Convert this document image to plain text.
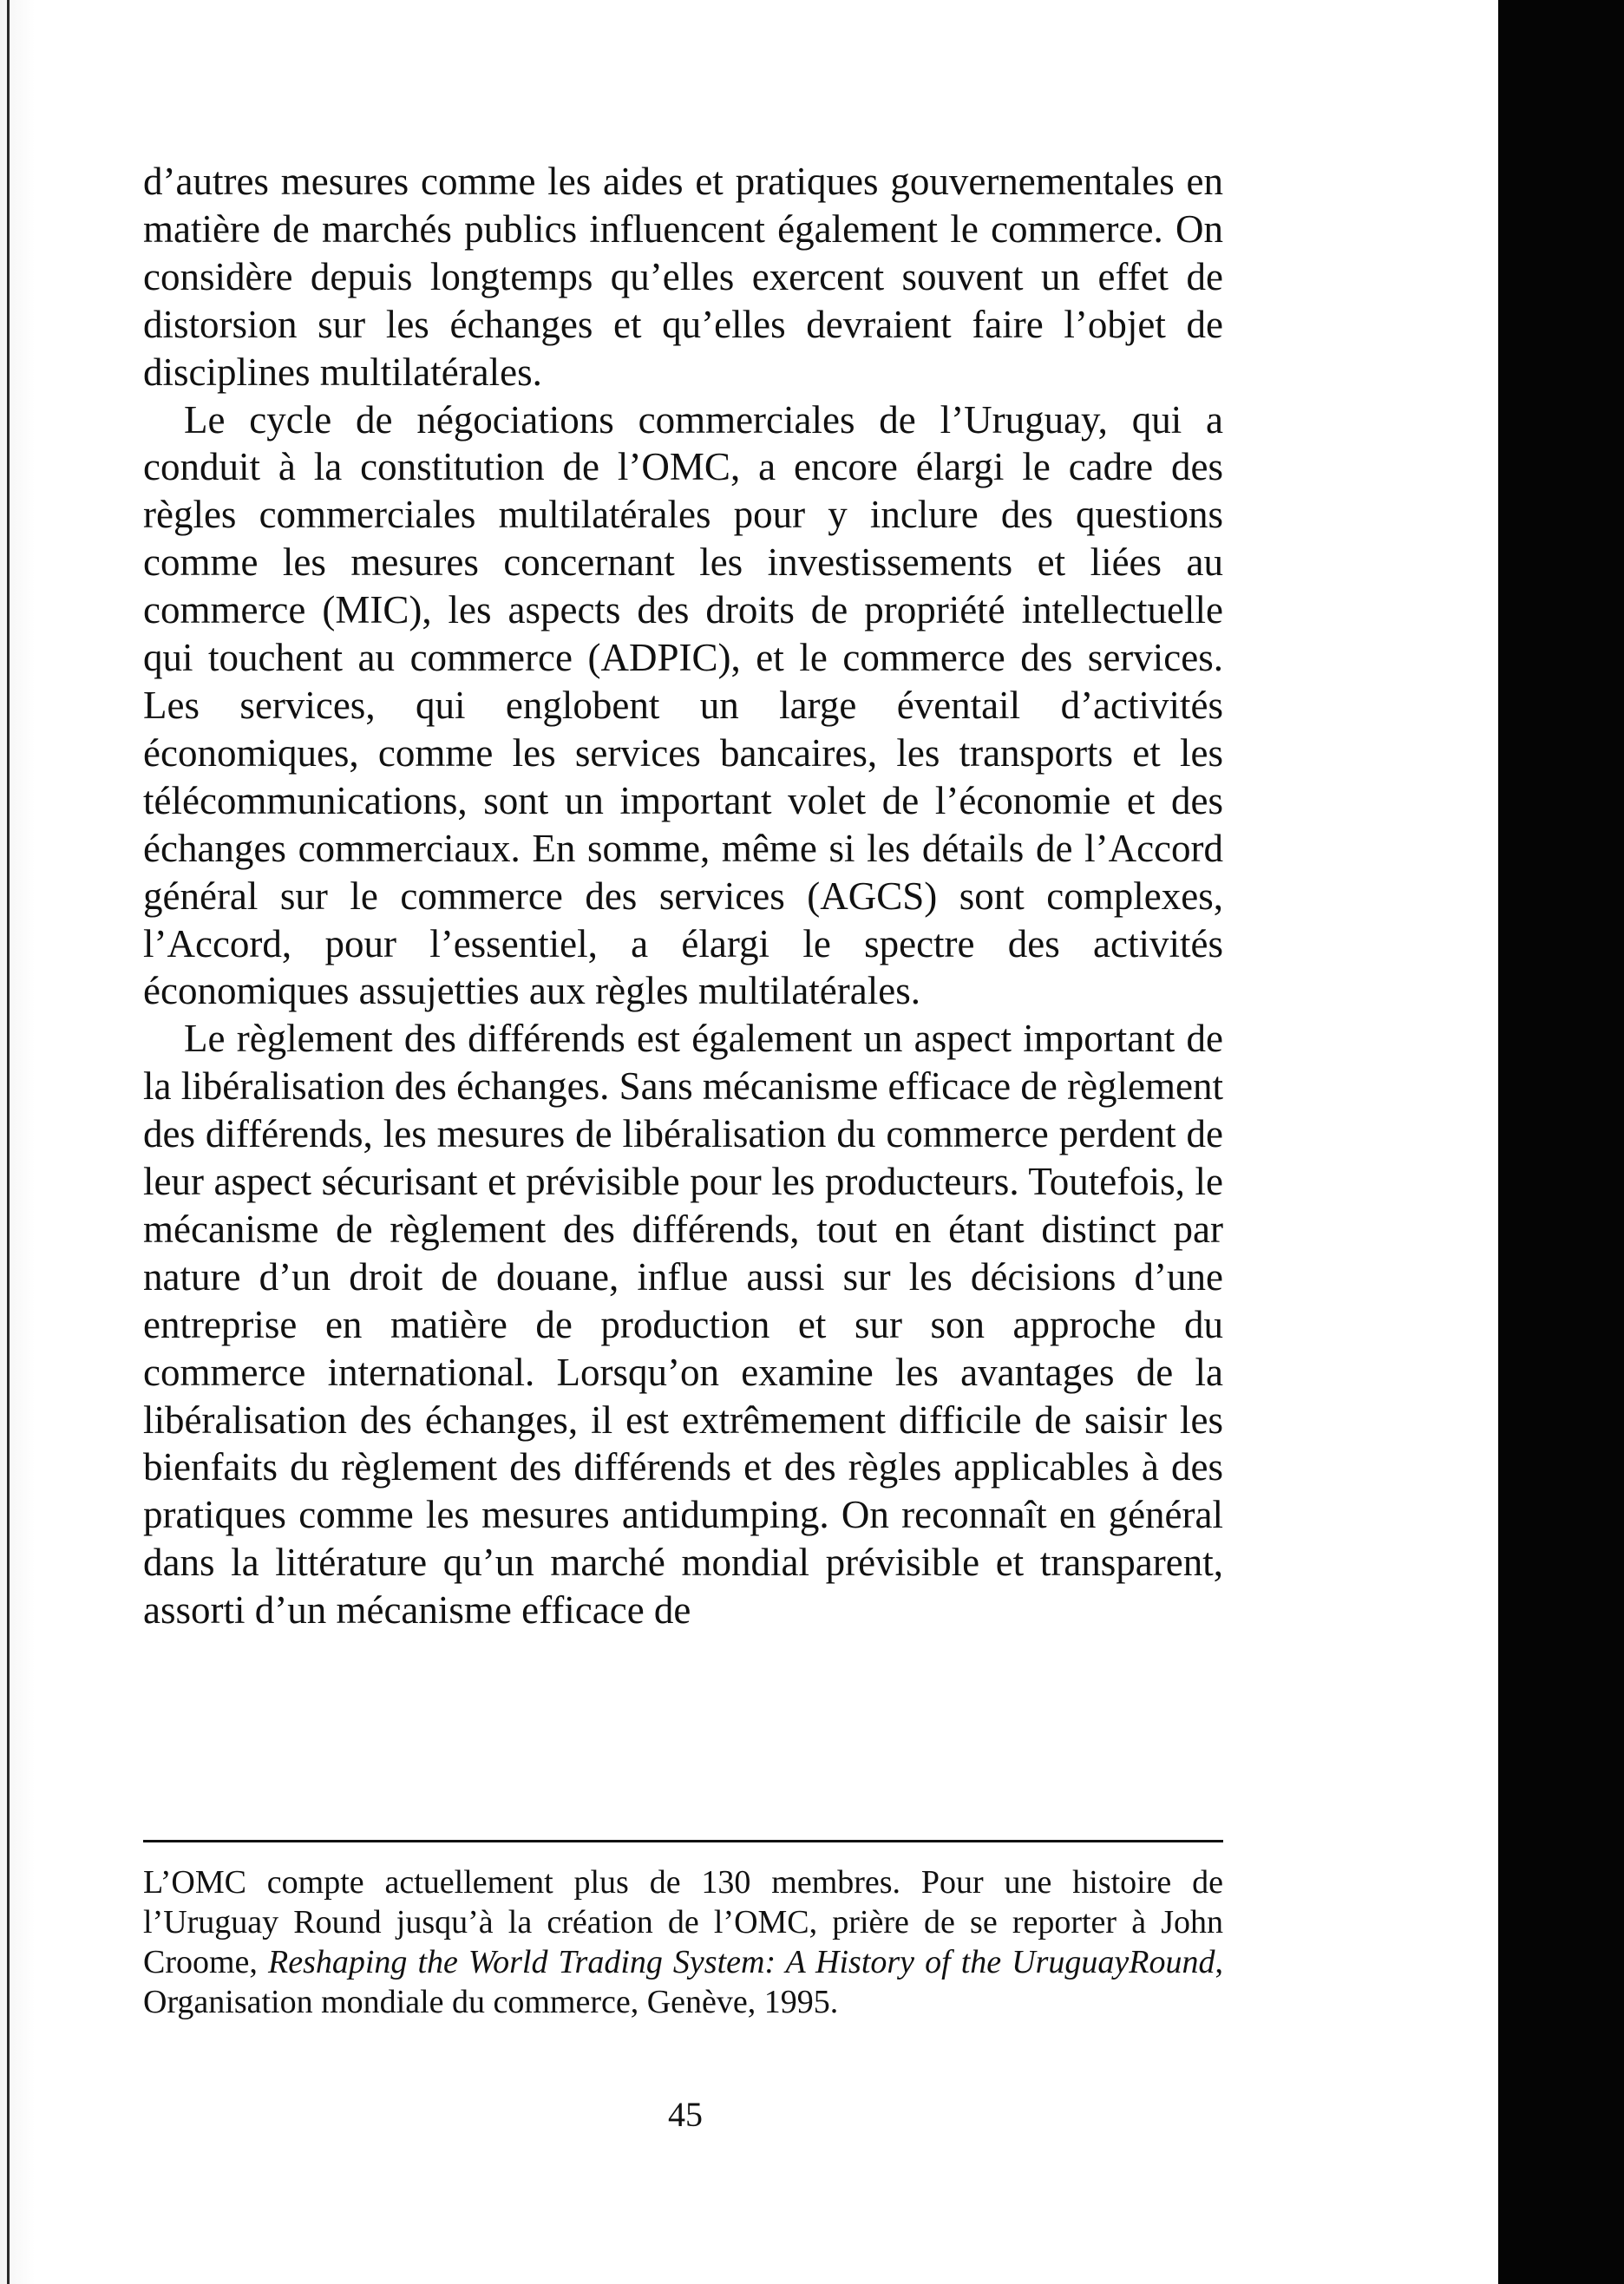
d’autres mesures comme les aides et pratiques gouvernementales en matière de marchés publics influencent également le commerce. On considère depuis longtemps qu’elles exercent souvent un effet de distorsion sur les échanges et qu’elles devraient faire l’objet de disciplines multilatérales.

Le cycle de négociations commerciales de l’Uruguay, qui a conduit à la constitution de l’OMC, a encore élargi le cadre des règles commerciales multilatérales pour y inclure des questions comme les mesures concernant les investissements et liées au commerce (MIC), les aspects des droits de propriété intellectuelle qui touchent au commerce (ADPIC), et le commerce des services. Les services, qui englobent un large éventail d’activités économiques, comme les services bancaires, les transports et les télécommunications, sont un important volet de l’économie et des échanges commerciaux. En somme, même si les détails de l’Accord général sur le commerce des services (AGCS) sont complexes, l’Accord, pour l’essentiel, a élargi le spectre des activités économiques assujetties aux règles multilatérales.

Le règlement des différends est également un aspect important de la libéralisation des échanges. Sans mécanisme efficace de règlement des différends, les mesures de libéralisation du commerce perdent de leur aspect sécurisant et prévisible pour les producteurs. Toutefois, le mécanisme de règlement des différends, tout en étant distinct par nature d’un droit de douane, influe aussi sur les décisions d’une entreprise en matière de production et sur son approche du commerce international. Lorsqu’on examine les avantages de la libéralisation des échanges, il est extrêmement difficile de saisir les bienfaits du règlement des différends et des règles applicables à des pratiques comme les mesures antidumping. On reconnaît en général dans la littérature qu’un marché mondial prévisible et transparent, assorti d’un mécanisme efficace de

L’OMC compte actuellement plus de 130 membres. Pour une histoire de l’Uruguay Round jusqu’à la création de l’OMC, prière de se reporter à John Croome, Reshaping the World Trading System: A History of the UruguayRound, Organisation mondiale du commerce, Genève, 1995.

45
